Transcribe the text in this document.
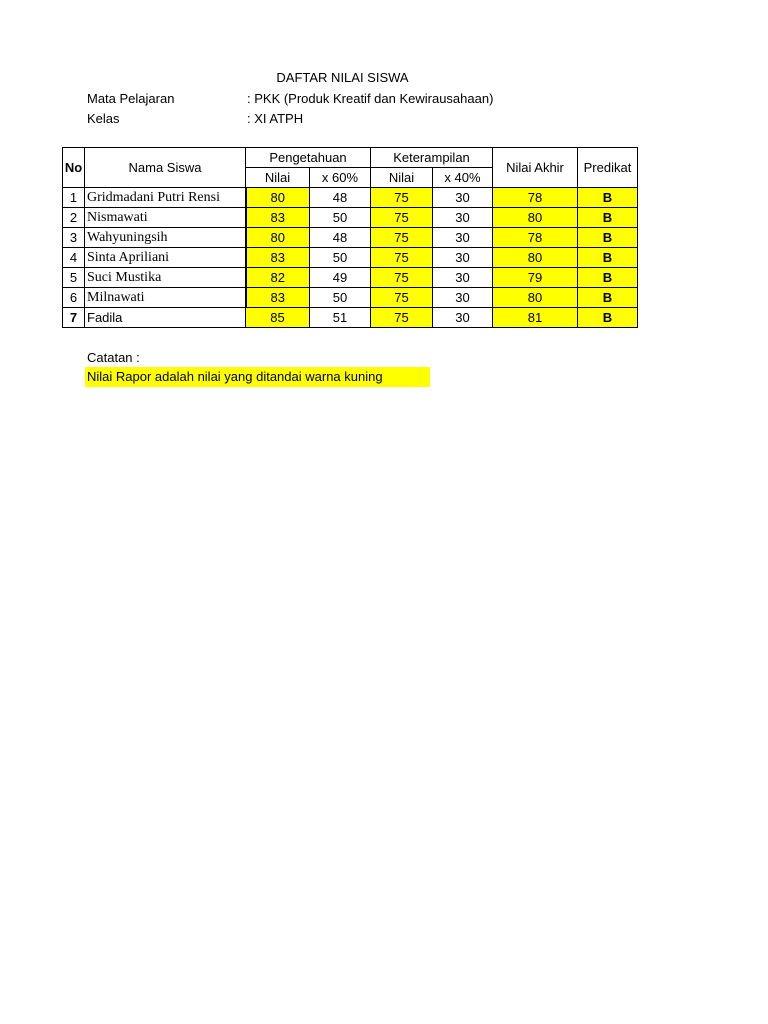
DAFTAR NILAI SISWA
Mata Pelajaran	: PKK (Produk Kreatif dan Kewirausahaan)
Kelas	: XI ATPH
No	Nama Siswa	Pengetahuan		Keterampilan		Nilai Akhir	Predikat
		Nilai	x 60%	Nilai	x 40%		
1	Gridmadani Putri Rensi	80	48	75	30	78	B
2	Nismawati	83	50	75	30	80	B
3	Wahyuningsih	80	48	75	30	78	B
4	Sinta Apriliani	83	50	75	30	80	B
5	Suci Mustika	82	49	75	30	79	B
6	Milnawati	83	50	75	30	80	B
7	Fadila	85	51	75	30	81	B
Catatan :
Nilai Rapor adalah nilai yang ditandai warna kuning
